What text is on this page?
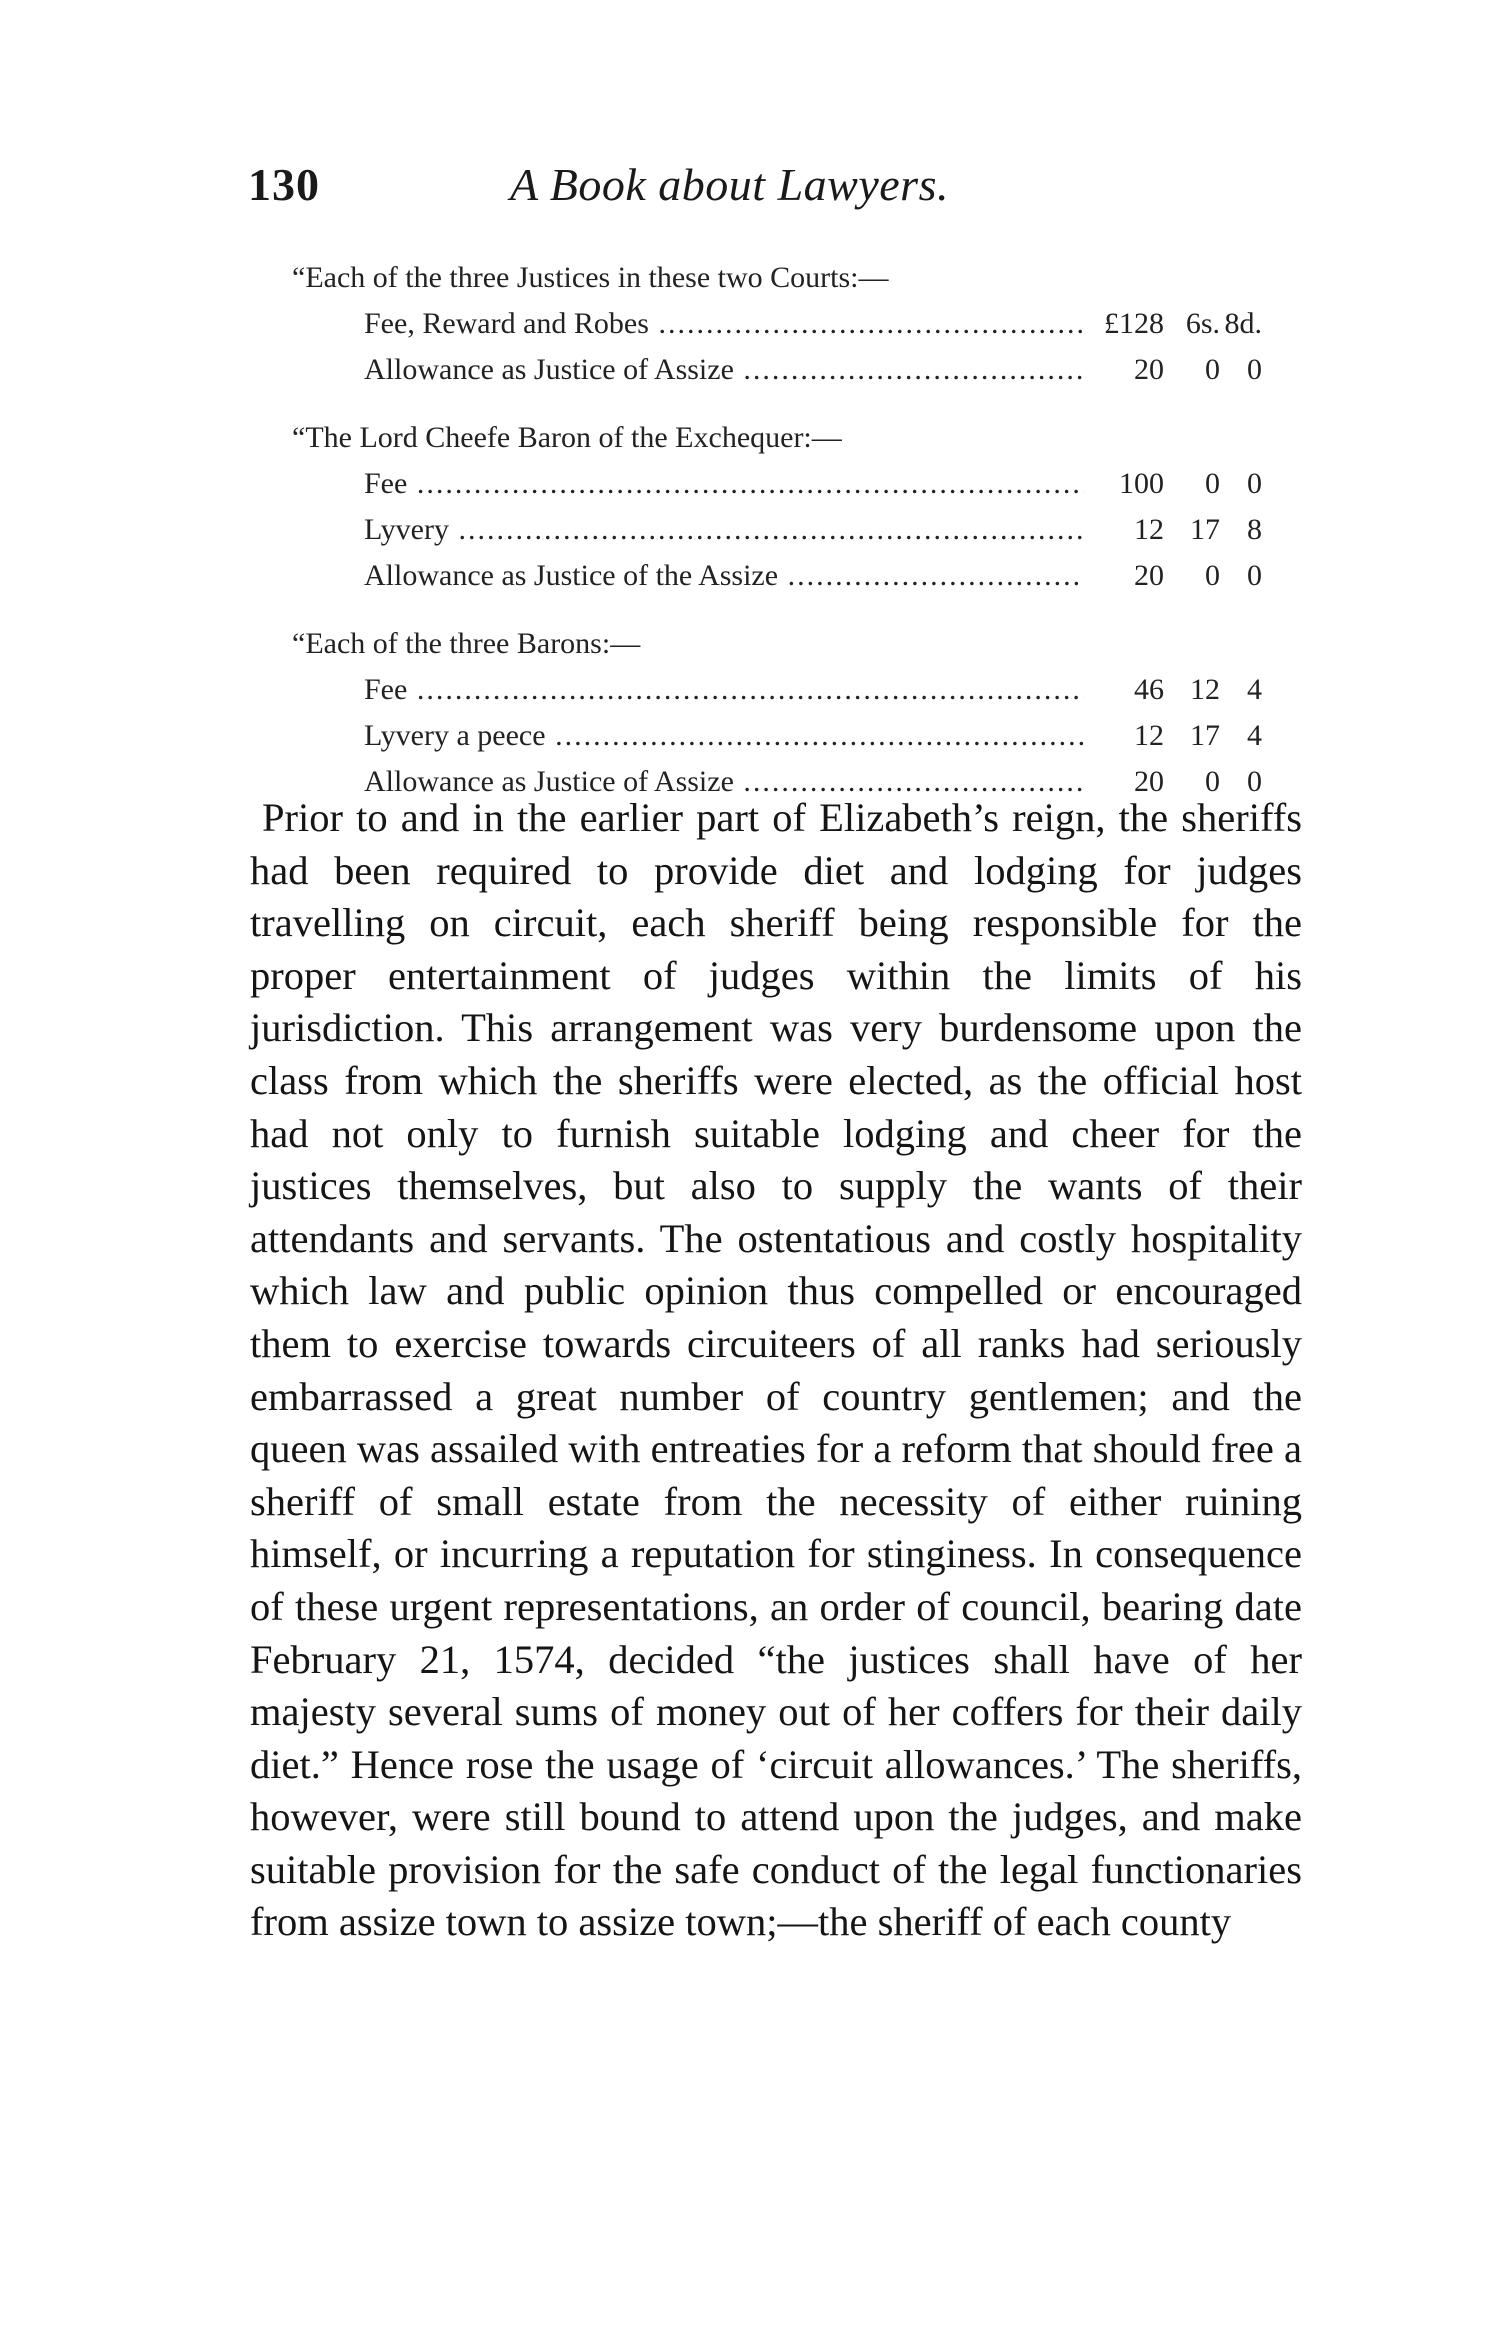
130	A Book about Lawyers.
“Each of the three Justices in these two Courts:—
Fee, Reward and Robes .....	£128 6s. 8d.
Allowance as Justice of Assize .....	20	0 0
“The Lord Cheefe Baron of the Exchequer:—
Fee .....	100	0 0
Lyvery .....	12 17 8
Allowance as Justice of the Assize .....	20	0 0
“Each of the three Barons:—
Fee .....	46 12 4
Lyvery a peece .....	12 17 4
Allowance as Justice of Assize .....	20	0 0

Prior to and in the earlier part of Elizabeth’s reign, the sheriffs had been required to provide diet and lodging for judges travelling on circuit, each sheriff being responsible for the proper entertainment of judges within the limits of his jurisdiction. This arrangement was very burdensome upon the class from which the sheriffs were elected, as the official host had not only to furnish suitable lodging and cheer for the justices themselves, but also to supply the wants of their attendants and servants. The ostentatious and costly hospitality which law and public opinion thus compelled or encouraged them to exercise towards circuiteers of all ranks had seriously embarrassed a great number of country gentlemen; and the queen was assailed with entreaties for a reform that should free a sheriff of small estate from the necessity of either ruining himself, or incurring a reputation for stinginess. In consequence of these urgent representations, an order of council, bearing date February 21, 1574, decided “the justices shall have of her majesty several sums of money out of her coffers for their daily diet.” Hence rose the usage of ‘circuit allowances.’ The sheriffs, however, were still bound to attend upon the judges, and make suitable provision for the safe conduct of the legal functionaries from assize town to assize town;—the sheriff of each county
